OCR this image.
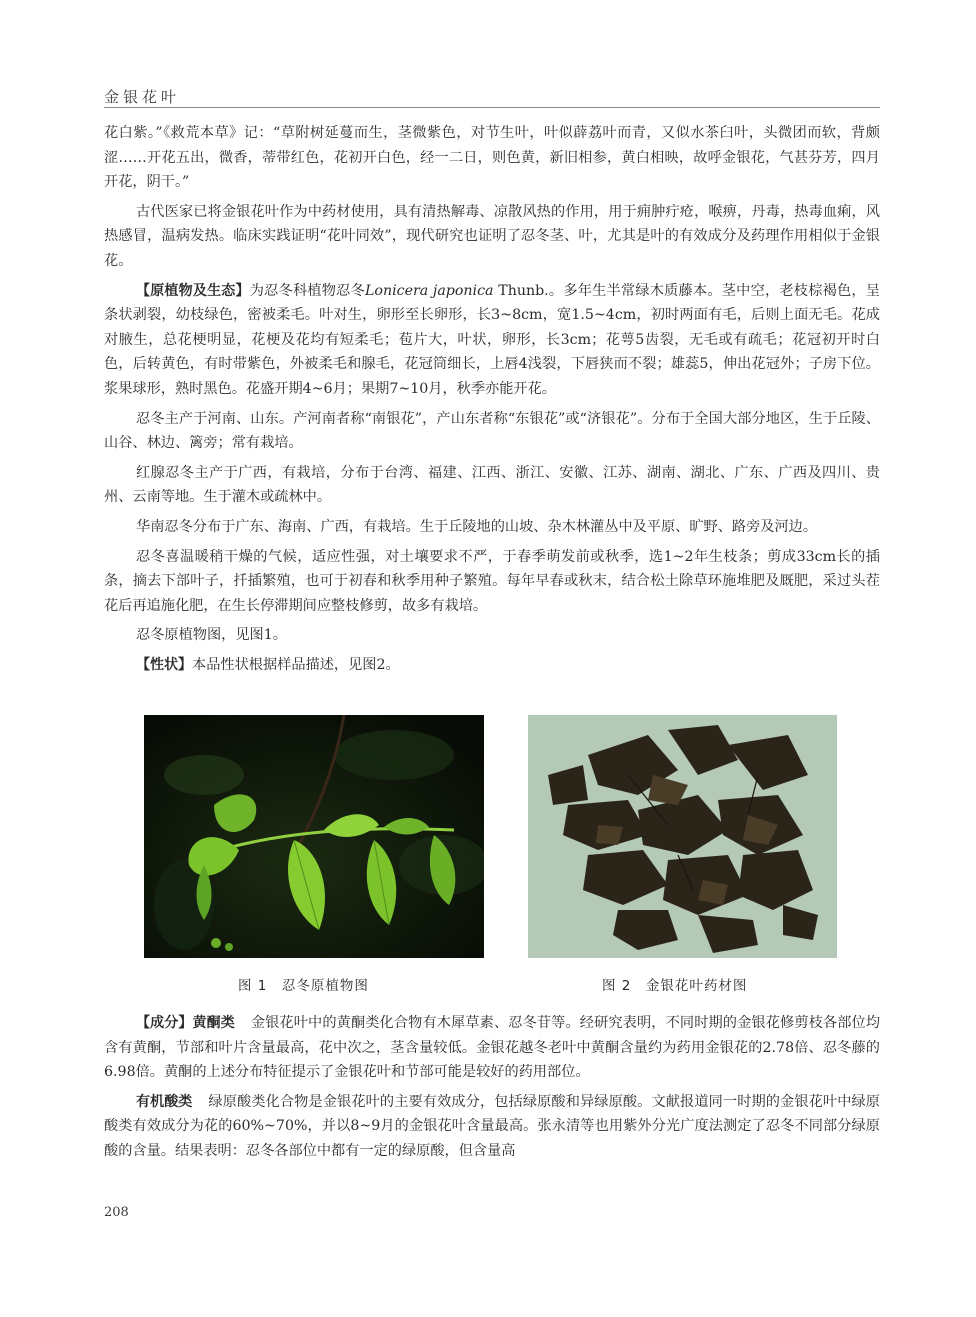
金银花叶

花白紫。”《救荒本草》记：“草附树延蔓而生，茎微紫色，对节生叶，叶似薜荔叶而青，又似水茶臼叶，头微团而软，背颇涩……开花五出，微香，蒂带红色，花初开白色，经一二日，则色黄，新旧相参，黄白相映，故呼金银花，气甚芬芳，四月开花，阴干。”

古代医家已将金银花叶作为中药材使用，具有清热解毒、凉散风热的作用，用于痈肿疔疮，喉痹，丹毒，热毒血痢，风热感冒，温病发热。临床实践证明“花叶同效”，现代研究也证明了忍冬茎、叶，尤其是叶的有效成分及药理作用相似于金银花。

【原植物及生态】为忍冬科植物忍冬Lonicera japonica Thunb.。多年生半常绿木质藤本。茎中空，老枝棕褐色，呈条状剥裂，幼枝绿色，密被柔毛。叶对生，卵形至长卵形，长3~8cm，宽1.5~4cm，初时两面有毛，后则上面无毛。花成对腋生，总花梗明显，花梗及花均有短柔毛；苞片大，叶状，卵形，长3cm；花萼5齿裂，无毛或有疏毛；花冠初开时白色，后转黄色，有时带紫色，外被柔毛和腺毛，花冠筒细长，上唇4浅裂，下唇狭而不裂；雄蕊5，伸出花冠外；子房下位。浆果球形，熟时黑色。花盛开期4~6月；果期7~10月，秋季亦能开花。

忍冬主产于河南、山东。产河南者称“南银花”，产山东者称“东银花”或“济银花”。分布于全国大部分地区，生于丘陵、山谷、林边、篱旁；常有栽培。

红腺忍冬主产于广西，有栽培，分布于台湾、福建、江西、浙江、安徽、江苏、湖南、湖北、广东、广西及四川、贵州、云南等地。生于灌木或疏林中。

华南忍冬分布于广东、海南、广西，有栽培。生于丘陵地的山坡、杂木林灌丛中及平原、旷野、路旁及河边。

忍冬喜温暖稍干燥的气候，适应性强，对土壤要求不严，于春季萌发前或秋季，选1~2年生枝条；剪成33cm长的插条，摘去下部叶子，扦插繁殖，也可于初春和秋季用种子繁殖。每年早春或秋末，结合松土除草环施堆肥及厩肥，采过头茬花后再追施化肥，在生长停滞期间应整枝修剪，故多有栽培。

忍冬原植物图，见图1。

【性状】本品性状根据样品描述，见图2。

图 1　忍冬原植物图	图 2　金银花叶药材图

【成分】黄酮类 金银花叶中的黄酮类化合物有木犀草素、忍冬苷等。经研究表明，不同时期的金银花修剪枝各部位均含有黄酮，节部和叶片含量最高，花中次之，茎含量较低。金银花越冬老叶中黄酮含量约为药用金银花的2.78倍、忍冬藤的6.98倍。黄酮的上述分布特征提示了金银花叶和节部可能是较好的药用部位。

有机酸类 绿原酸类化合物是金银花叶的主要有效成分，包括绿原酸和异绿原酸。文献报道同一时期的金银花叶中绿原酸类有效成分为花的60%~70%，并以8~9月的金银花叶含量最高。张永清等也用紫外分光广度法测定了忍冬不同部分绿原酸的含量。结果表明：忍冬各部位中都有一定的绿原酸，但含量高

208
